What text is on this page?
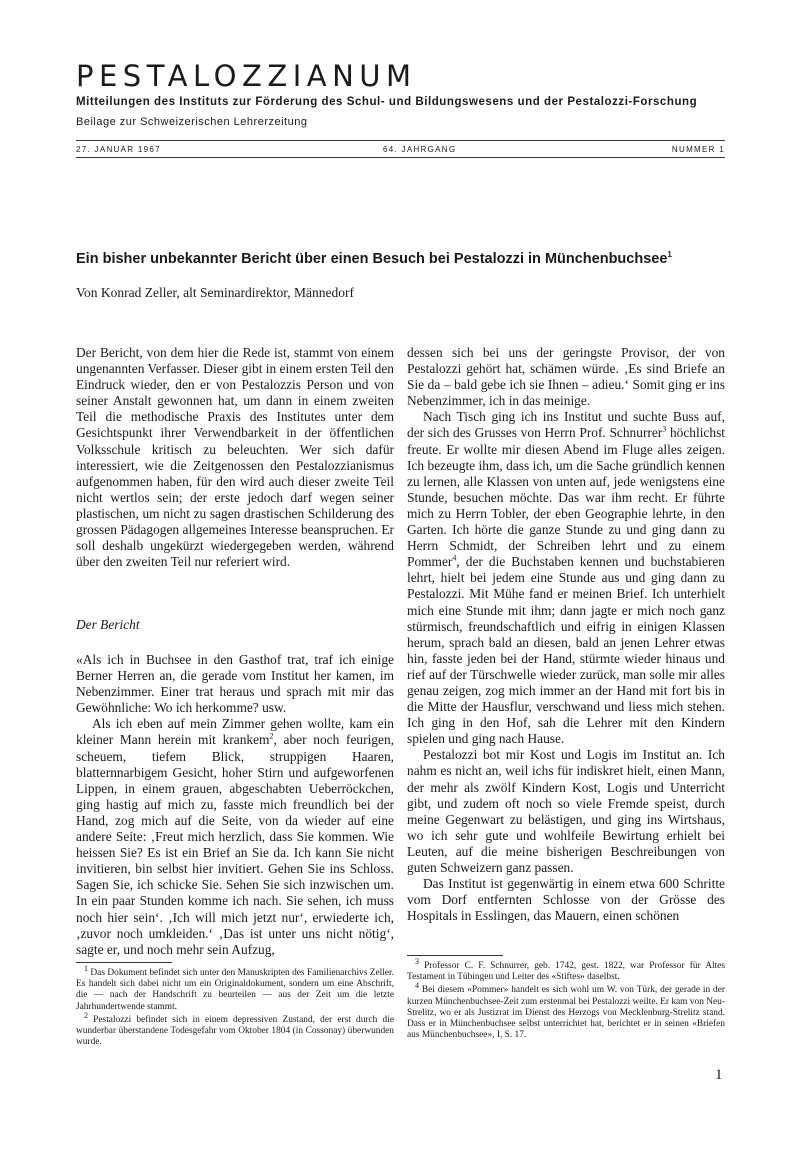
PESTALOZZIANUM
Mitteilungen des Instituts zur Förderung des Schul- und Bildungswesens und der Pestalozzi-Forschung
Beilage zur Schweizerischen Lehrerzeitung
27. JANUAR 1967	64. JAHRGANG	NUMMER 1
Ein bisher unbekannter Bericht über einen Besuch bei Pestalozzi in Münchenbuchsee$^1$
Von Konrad Zeller, alt Seminardirektor, Männedorf

Der Bericht, von dem hier die Rede ist, stammt von einem ungenannten Verfasser. Dieser gibt in einem ersten Teil den Eindruck wieder, den er von Pestalozzis Person und von seiner Anstalt gewonnen hat, um dann in einem zweiten Teil die methodische Praxis des Institutes unter dem Gesichtspunkt ihrer Verwendbarkeit in der öffentlichen Volksschule kritisch zu beleuchten. Wer sich dafür interessiert, wie die Zeitgenossen den Pestalozzianismus aufgenommen haben, für den wird auch dieser zweite Teil nicht wertlos sein; der erste jedoch darf wegen seiner plastischen, um nicht zu sagen drastischen Schilderung des grossen Pädagogen allgemeines Interesse beanspruchen. Er soll deshalb ungekürzt wiedergegeben werden, während über den zweiten Teil nur referiert wird.

Der Bericht

«Als ich in Buchsee in den Gasthof trat, traf ich einige Berner Herren an, die gerade vom Institut her kamen, im Nebenzimmer. Einer trat heraus und sprach mit mir das Gewöhnliche: Wo ich herkomme? usw.

Als ich eben auf mein Zimmer gehen wollte, kam ein kleiner Mann herein mit krankem$^2$, aber noch feurigen, scheuem, tiefem Blick, struppigen Haaren, blatternnarbigem Gesicht, hoher Stirn und aufgeworfenen Lippen, in einem grauen, abgeschabten Ueberröckchen, ging hastig auf mich zu, fasste mich freundlich bei der Hand, zog mich auf die Seite, von da wieder auf eine andere Seite: ‚Freut mich herzlich, dass Sie kommen. Wie heissen Sie? Es ist ein Brief an Sie da. Ich kann Sie nicht invitieren, bin selbst hier invitiert. Gehen Sie ins Schloss. Sagen Sie, ich schicke Sie. Sehen Sie sich inzwischen um. In ein paar Stunden komme ich nach. Sie sehen, ich muss noch hier sein‘. ‚Ich will mich jetzt nur‘, erwiederte ich, ‚zuvor noch umkleiden.‘ ‚Das ist unter uns nicht nötig‘, sagte er, und noch mehr sein Aufzug,

dessen sich bei uns der geringste Provisor, der von Pestalozzi gehört hat, schämen würde. ‚Es sind Briefe an Sie da – bald gebe ich sie Ihnen – adieu.‘ Somit ging er ins Nebenzimmer, ich in das meinige.

Nach Tisch ging ich ins Institut und suchte Buss auf, der sich des Grusses von Herrn Prof. Schnurrer$^3$ höchlichst freute. Er wollte mir diesen Abend im Fluge alles zeigen. Ich bezeugte ihm, dass ich, um die Sache gründlich kennen zu lernen, alle Klassen von unten auf, jede wenigstens eine Stunde, besuchen möchte. Das war ihm recht. Er führte mich zu Herrn Tobler, der eben Geographie lehrte, in den Garten. Ich hörte die ganze Stunde zu und ging dann zu Herrn Schmidt, der Schreiben lehrt und zu einem Pommer$^4$, der die Buchstaben kennen und buchstabieren lehrt, hielt bei jedem eine Stunde aus und ging dann zu Pestalozzi. Mit Mühe fand er meinen Brief. Ich unterhielt mich eine Stunde mit ihm; dann jagte er mich noch ganz stürmisch, freundschaftlich und eifrig in einigen Klassen herum, sprach bald an diesen, bald an jenen Lehrer etwas hin, fasste jeden bei der Hand, stürmte wieder hinaus und rief auf der Türschwelle wieder zurück, man solle mir alles genau zeigen, zog mich immer an der Hand mit fort bis in die Mitte der Hausflur, verschwand und liess mich stehen. Ich ging in den Hof, sah die Lehrer mit den Kindern spielen und ging nach Hause.

Pestalozzi bot mir Kost und Logis im Institut an. Ich nahm es nicht an, weil ichs für indiskret hielt, einen Mann, der mehr als zwölf Kindern Kost, Logis und Unterricht gibt, und zudem oft noch so viele Fremde speist, durch meine Gegenwart zu belästigen, und ging ins Wirtshaus, wo ich sehr gute und wohlfeile Bewirtung erhielt bei Leuten, auf die meine bisherigen Beschreibungen von guten Schweizern ganz passen.

Das Institut ist gegenwärtig in einem etwa 600 Schritte vom Dorf entfernten Schlosse von der Grösse des Hospitals in Esslingen, das Mauern, einen schönen

$^1$ Das Dokument befindet sich unter den Manuskripten des Familienarchivs Zeller. Es handelt sich dabei nicht um ein Originaldokument, sondern um eine Abschrift, die — nach der Handschrift zu beurteilen — aus der Zeit um die letzte Jahrhundertwende stammt.

$^2$ Pestalozzi befindet sich in einem depressiven Zustand, der erst durch die wunderbar überstandene Todesgefahr vom Oktober 1804 (in Cossonay) überwunden wurde.

$^3$ Professor C. F. Schnurrer, geb. 1742, gest. 1822, war Professor für Altes Testament in Tübingen und Leiter des «Stiftes» daselbst.

$^4$ Bei diesem «Pommer» handelt es sich wohl um W. von Türk, der gerade in der kurzen Münchenbuchsee-Zeit zum erstenmal bei Pestalozzi weilte. Er kam von Neu-Strelitz, wo er als Justizrat im Dienst des Herzogs von Mecklenburg-Strelitz stand. Dass er in Münchenbuchsee selbst unterrichtet hat, berichtet er in seinen «Briefen aus Münchenbuchsee», I, S. 17.

1
